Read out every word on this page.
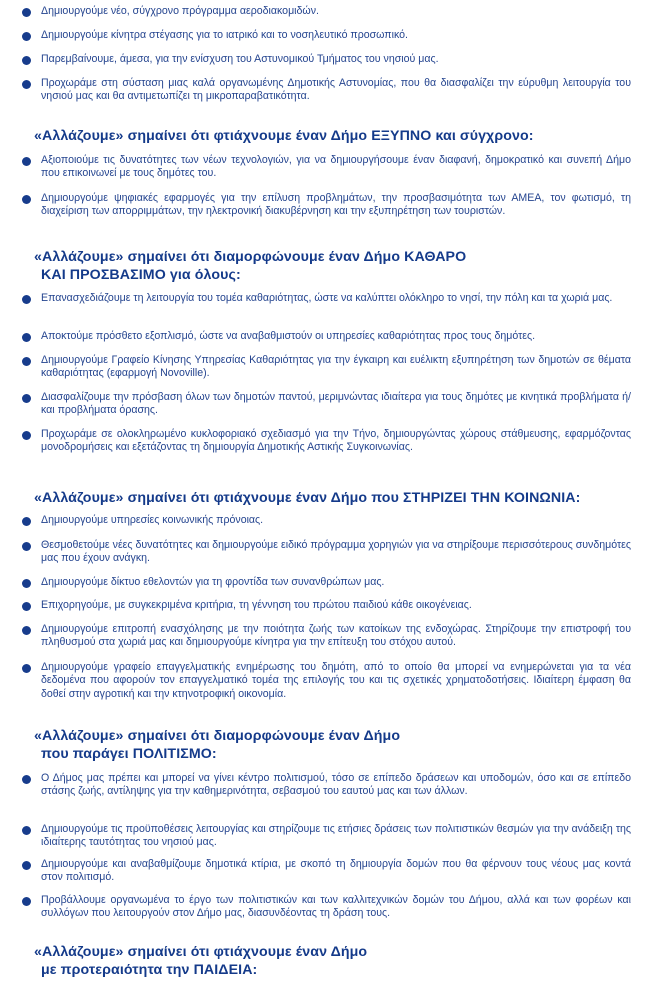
Δημιουργούμε νέο, σύγχρονο πρόγραμμα αεροδιακομιδών.
Δημιουργούμε κίνητρα στέγασης για το ιατρικό και το νοσηλευτικό προσωπικό.
Παρεμβαίνουμε, άμεσα, για την ενίσχυση του Αστυνομικού Τμήματος του νησιού μας.
Προχωράμε στη σύσταση μιας καλά οργανωμένης Δημοτικής Αστυνομίας, που θα διασφαλίζει την εύρυθμη λειτουργία του νησιού μας και θα αντιμετωπίζει τη μικροπαραβατικότητα.
«Αλλάζουμε» σημαίνει ότι φτιάχνουμε έναν Δήμο ΕΞΥΠΝΟ και σύγχρονο:
Αξιοποιούμε τις δυνατότητες των νέων τεχνολογιών, για να δημιουργήσουμε έναν διαφανή, δημοκρατικό και συνεπή Δήμο που επικοινωνεί με τους δημότες του.
Δημιουργούμε ψηφιακές εφαρμογές για την επίλυση προβλημάτων, την προσβασιμότητα των ΑΜΕΑ, τον φωτισμό, τη διαχείριση των απορριμμάτων, την ηλεκτρονική διακυβέρνηση και την εξυπηρέτηση των τουριστών.
«Αλλάζουμε» σημαίνει ότι διαμορφώνουμε έναν Δήμο ΚΑΘΑΡΟ
ΚΑΙ ΠΡΟΣΒΑΣΙΜΟ για όλους:
Επανασχεδιάζουμε τη λειτουργία του τομέα καθαριότητας, ώστε να καλύπτει ολόκληρο το νησί, την πόλη και τα χωριά μας.
Αποκτούμε πρόσθετο εξοπλισμό, ώστε να αναβαθμιστούν οι υπηρεσίες καθαριότητας προς τους δημότες.
Δημιουργούμε Γραφείο Κίνησης Υπηρεσίας Καθαριότητας για την έγκαιρη και ευέλικτη εξυπηρέτηση των δημοτών σε θέματα καθαριότητας (εφαρμογή Novoville).
Διασφαλίζουμε την πρόσβαση όλων των δημοτών παντού, μεριμνώντας ιδιαίτερα για τους δημότες με κινητικά προβλήματα ή/και προβλήματα όρασης.
Προχωράμε σε ολοκληρωμένο κυκλοφοριακό σχεδιασμό για την Τήνο, δημιουργώντας χώρους στάθμευσης, εφαρμόζοντας μονοδρομήσεις και εξετάζοντας τη δημιουργία Δημοτικής Αστικής Συγκοινωνίας.
«Αλλάζουμε» σημαίνει ότι φτιάχνουμε έναν Δήμο που ΣΤΗΡΙΖΕΙ ΤΗΝ ΚΟΙΝΩΝΙΑ:
Δημιουργούμε υπηρεσίες κοινωνικής πρόνοιας.
Θεσμοθετούμε νέες δυνατότητες και δημιουργούμε ειδικό πρόγραμμα χορηγιών για να στηρίξουμε περισσότερους συνδημότες μας που έχουν ανάγκη.
Δημιουργούμε δίκτυο εθελοντών για τη φροντίδα των συνανθρώπων μας.
Επιχορηγούμε, με συγκεκριμένα κριτήρια, τη γέννηση του πρώτου παιδιού κάθε οικογένειας.
Δημιουργούμε επιτροπή ενασχόλησης με την ποιότητα ζωής των κατοίκων της ενδοχώρας. Στηρίζουμε την επιστροφή του πληθυσμού στα χωριά μας και δημιουργούμε κίνητρα για την επίτευξη του στόχου αυτού.
Δημιουργούμε γραφείο επαγγελματικής ενημέρωσης του δημότη, από το οποίο θα μπορεί να ενημερώνεται για τα νέα δεδομένα που αφορούν τον επαγγελματικό τομέα της επιλογής του και τις σχετικές χρηματοδοτήσεις. Ιδιαίτερη έμφαση θα δοθεί στην αγροτική και την κτηνοτροφική οικονομία.
«Αλλάζουμε» σημαίνει ότι διαμορφώνουμε έναν Δήμο
που παράγει ΠΟΛΙΤΙΣΜΟ:
Ο Δήμος μας πρέπει και μπορεί να γίνει κέντρο πολιτισμού, τόσο σε επίπεδο δράσεων και υποδομών, όσο και σε επίπεδο στάσης ζωής, αντίληψης για την καθημερινότητα, σεβασμού του εαυτού μας και των άλλων.
Δημιουργούμε τις προϋποθέσεις λειτουργίας και στηρίζουμε τις ετήσιες δράσεις των πολιτιστικών θεσμών για την ανάδειξη της ιδιαίτερης ταυτότητας του νησιού μας.
Δημιουργούμε και αναβαθμίζουμε δημοτικά κτίρια, με σκοπό τη δημιουργία δομών που θα φέρνουν τους νέους μας κοντά στον πολιτισμό.
Προβάλλουμε οργανωμένα το έργο των πολιτιστικών και των καλλιτεχνικών δομών του Δήμου, αλλά και των φορέων και συλλόγων που λειτουργούν στον Δήμο μας, διασυνδέοντας τη δράση τους.
«Αλλάζουμε» σημαίνει ότι φτιάχνουμε έναν Δήμο
με προτεραιότητα την ΠΑΙΔΕΙΑ:
